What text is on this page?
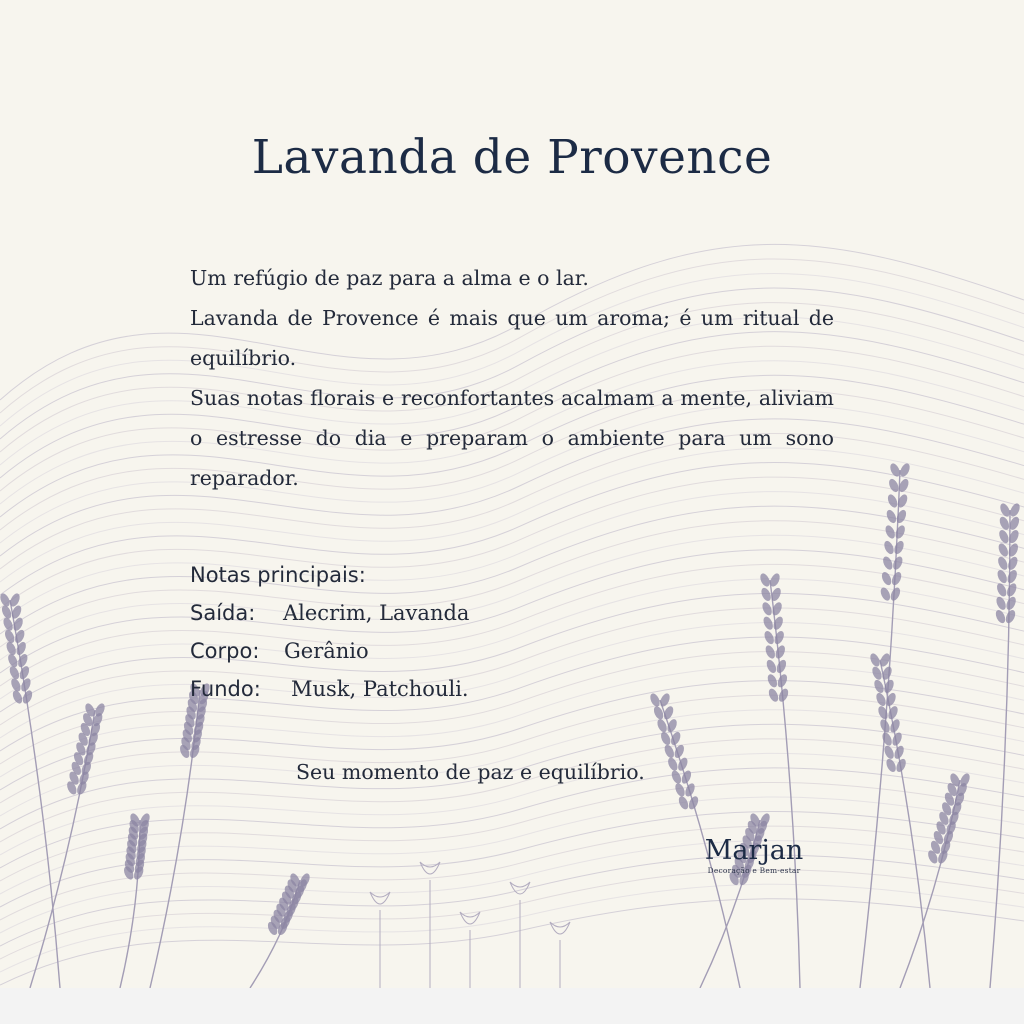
Lavanda de Provence

Um refúgio de paz para a alma e o lar.

Lavanda de Provence é mais que um aroma; é um ritual de equilíbrio.

Suas notas florais e reconfortantes acalmam a mente, aliviam o estresse do dia e preparam o ambiente para um sono reparador.

Notas principais:
Saída: Alecrim, Lavanda
Corpo: Gerânio
Fundo: Musk, Patchouli.
Seu momento de paz e equilíbrio.
Marjan
Decoração e Bem-estar
